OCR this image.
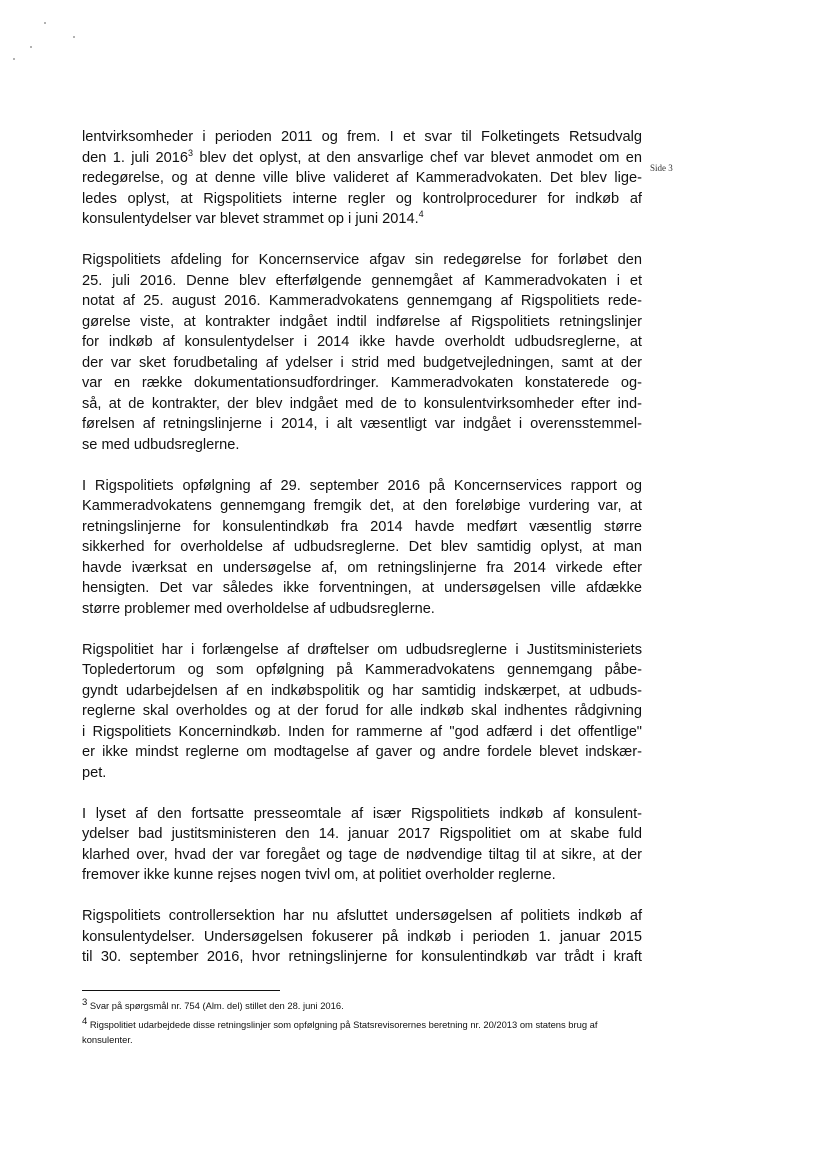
Side 3

lentvirksomheder i perioden 2011 og frem. I et svar til Folketingets Retsudvalg
den 1. juli 2016$^3$ blev det oplyst, at den ansvarlige chef var blevet anmodet om en
redegørelse, og at denne ville blive valideret af Kammeradvokaten. Det blev lige-
ledes oplyst, at Rigspolitiets interne regler og kontrolprocedurer for indkøb af
konsulentydelser var blevet strammet op i juni 2014.$^4$

Rigspolitiets afdeling for Koncernservice afgav sin redegørelse for forløbet den
25. juli 2016. Denne blev efterfølgende gennemgået af Kammeradvokaten i et
notat af 25. august 2016. Kammeradvokatens gennemgang af Rigspolitiets rede-
gørelse viste, at kontrakter indgået indtil indførelse af Rigspolitiets retningslinjer
for indkøb af konsulentydelser i 2014 ikke havde overholdt udbudsreglerne, at
der var sket forudbetaling af ydelser i strid med budgetvejledningen, samt at der
var en række dokumentationsudfordringer. Kammeradvokaten konstaterede og-
så, at de kontrakter, der blev indgået med de to konsulentvirksomheder efter ind-
førelsen af retningslinjerne i 2014, i alt væsentligt var indgået i overensstemmel-
se med udbudsreglerne.

I Rigspolitiets opfølgning af 29. september 2016 på Koncernservices rapport og
Kammeradvokatens gennemgang fremgik det, at den foreløbige vurdering var, at
retningslinjerne for konsulentindkøb fra 2014 havde medført væsentlig større
sikkerhed for overholdelse af udbudsreglerne. Det blev samtidig oplyst, at man
havde iværksat en undersøgelse af, om retningslinjerne fra 2014 virkede efter
hensigten. Det var således ikke forventningen, at undersøgelsen ville afdække
større problemer med overholdelse af udbudsreglerne.

Rigspolitiet har i forlængelse af drøftelser om udbudsreglerne i Justitsministeriets
Topledertorum og som opfølgning på Kammeradvokatens gennemgang påbe-
gyndt udarbejdelsen af en indkøbspolitik og har samtidig indskærpet, at udbuds-
reglerne skal overholdes og at der forud for alle indkøb skal indhentes rådgivning
i Rigspolitiets Koncernindkøb. Inden for rammerne af "god adfærd i det offentlige"
er ikke mindst reglerne om modtagelse af gaver og andre fordele blevet indskær-
pet.

I lyset af den fortsatte presseomtale af især Rigspolitiets indkøb af konsulent-
ydelser bad justitsministeren den 14. januar 2017 Rigspolitiet om at skabe fuld
klarhed over, hvad der var foregået og tage de nødvendige tiltag til at sikre, at der
fremover ikke kunne rejses nogen tvivl om, at politiet overholder reglerne.

Rigspolitiets controllersektion har nu afsluttet undersøgelsen af politiets indkøb af
konsulentydelser. Undersøgelsen fokuserer på indkøb i perioden 1. januar 2015
til 30. september 2016, hvor retningslinjerne for konsulentindkøb var trådt i kraft

$^3$ Svar på spørgsmål nr. 754 (Alm. del) stillet den 28. juni 2016.
$^4$ Rigspolitiet udarbejdede disse retningslinjer som opfølgning på Statsrevisorernes beretning nr. 20/2013 om statens brug af konsulenter.
